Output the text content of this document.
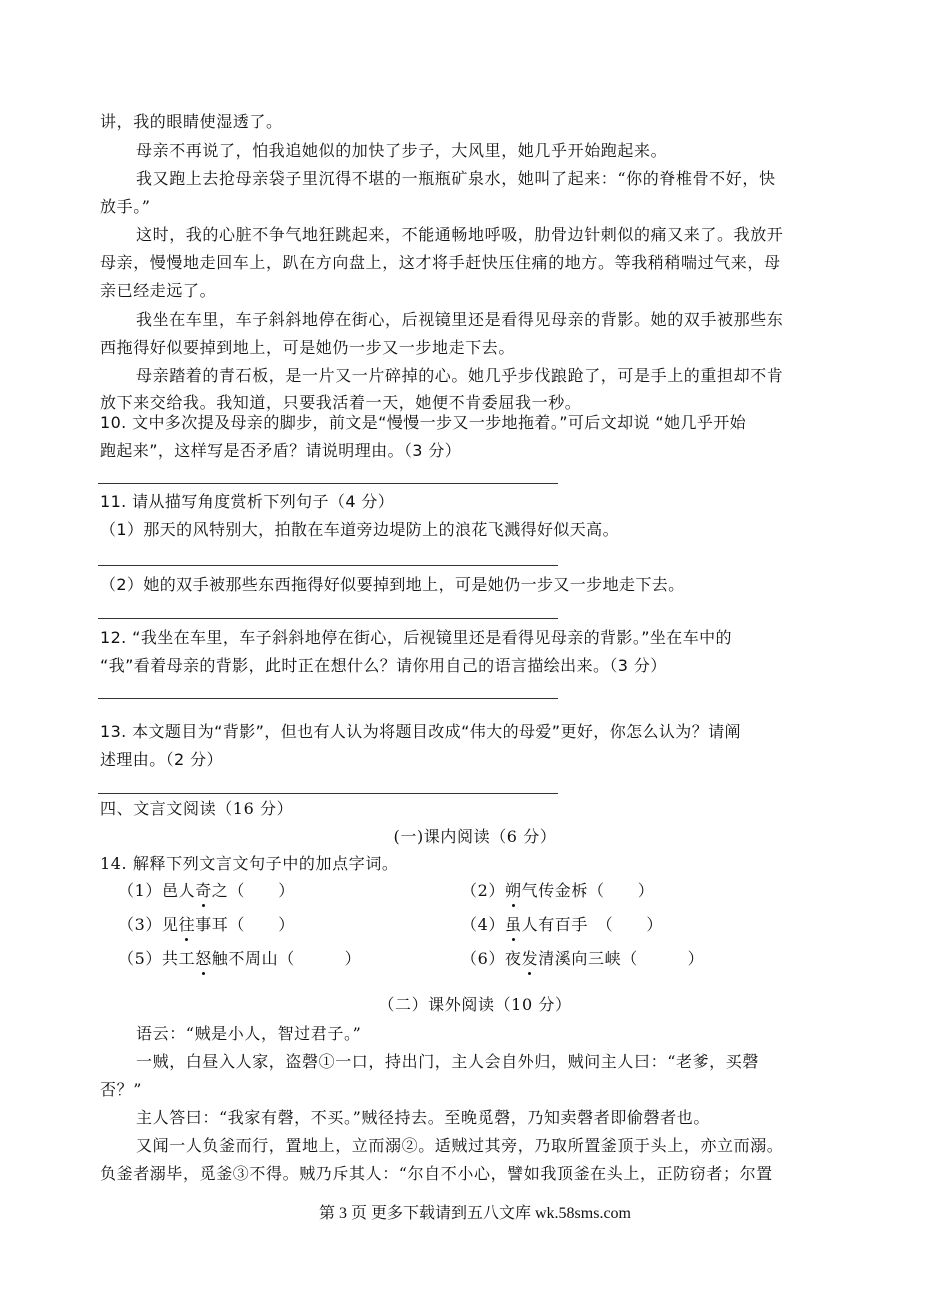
讲，我的眼睛使湿透了。
母亲不再说了，怕我追她似的加快了步子，大风里，她几乎开始跑起来。
我又跑上去抢母亲袋子里沉得不堪的一瓶瓶矿泉水，她叫了起来：“你的脊椎骨不好，快
放手。”
这时，我的心脏不争气地狂跳起来，不能通畅地呼吸，肋骨边针刺似的痛又来了。我放开
母亲，慢慢地走回车上，趴在方向盘上，这才将手赶快压住痛的地方。等我稍稍喘过气来，母
亲已经走远了。
我坐在车里，车子斜斜地停在街心，后视镜里还是看得见母亲的背影。她的双手被那些东
西拖得好似要掉到地上，可是她仍一步又一步地走下去。
母亲踏着的青石板，是一片又一片碎掉的心。她几乎步伐踉跄了，可是手上的重担却不肯
放下来交给我。我知道，只要我活着一天，她便不肯委屈我一秒。
10. 文中多次提及母亲的脚步，前文是“慢慢一步又一步地拖着。”可后文却说 “她几乎开始
跑起来”，这样写是否矛盾？请说明理由。（3 分）
11. 请从描写角度赏析下列句子（4 分）
（1）那天的风特别大，拍散在车道旁边堤防上的浪花飞溅得好似天高。
（2）她的双手被那些东西拖得好似要掉到地上，可是她仍一步又一步地走下去。
12. “我坐在车里，车子斜斜地停在街心，后视镜里还是看得见母亲的背影。”坐在车中的
“我”看着母亲的背影，此时正在想什么？请你用自己的语言描绘出来。（3 分）
13. 本文题目为“背影”，但也有人认为将题目改成“伟大的母爱”更好，你怎么认为？请阐
述理由。（2 分）
四、文言文阅读（16 分）
(一)课内阅读（6 分）
14. 解释下列文言文句子中的加点字词。
（1）邑人奇之（　　）	（2）朔气传金柝（　　）
（3）见往事耳（　　）	（4）虽人有百手　（　　）
（5）共工怒触不周山（　　　）	（6）夜发清溪向三峡（　　　）
（二）课外阅读（10 分）
语云：“贼是小人，智过君子。”
一贼，白昼入人家，盗磬①一口，持出门，主人会自外归，贼问主人曰：“老爹，买磬
否？”
主人答曰：“我家有磬，不买。”贼径持去。至晚觅磬，乃知卖磬者即偷磬者也。
又闻一人负釜而行，置地上，立而溺②。适贼过其旁，乃取所置釜顶于头上，亦立而溺。
负釜者溺毕，觅釜③不得。贼乃斥其人：“尔自不小心，譬如我顶釜在头上，正防窃者；尔置
第 3 页 更多下载请到五八文库 wk.58sms.com
